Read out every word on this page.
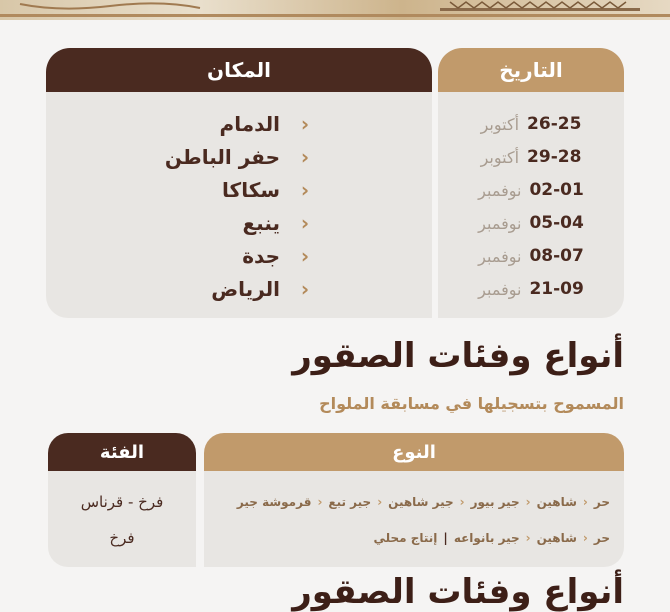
المكان
‹
الدمام
‹
حفر الباطن
‹
سكاكا
‹
ينبع
‹
جدة
‹
الرياض
التاريخ
26-25
أكتوبر
29-28
أكتوبر
02-01
نوفمبر
05-04
نوفمبر
08-07
نوفمبر
21-09
نوفمبر
أنواع وفئات الصقور
المسموح بتسجيلها في مسابقة الملواح
الفئة
فرخ - قرناس
فرخ
النوع
حر
‹
شاهين
‹
جير بيور
‹
جير شاهين
‹
جير تبع
‹
قرموشة جير
حر
‹
شاهين
‹
جير بانواعه
|
إنتاج محلي
أنواع وفئات الصقور
